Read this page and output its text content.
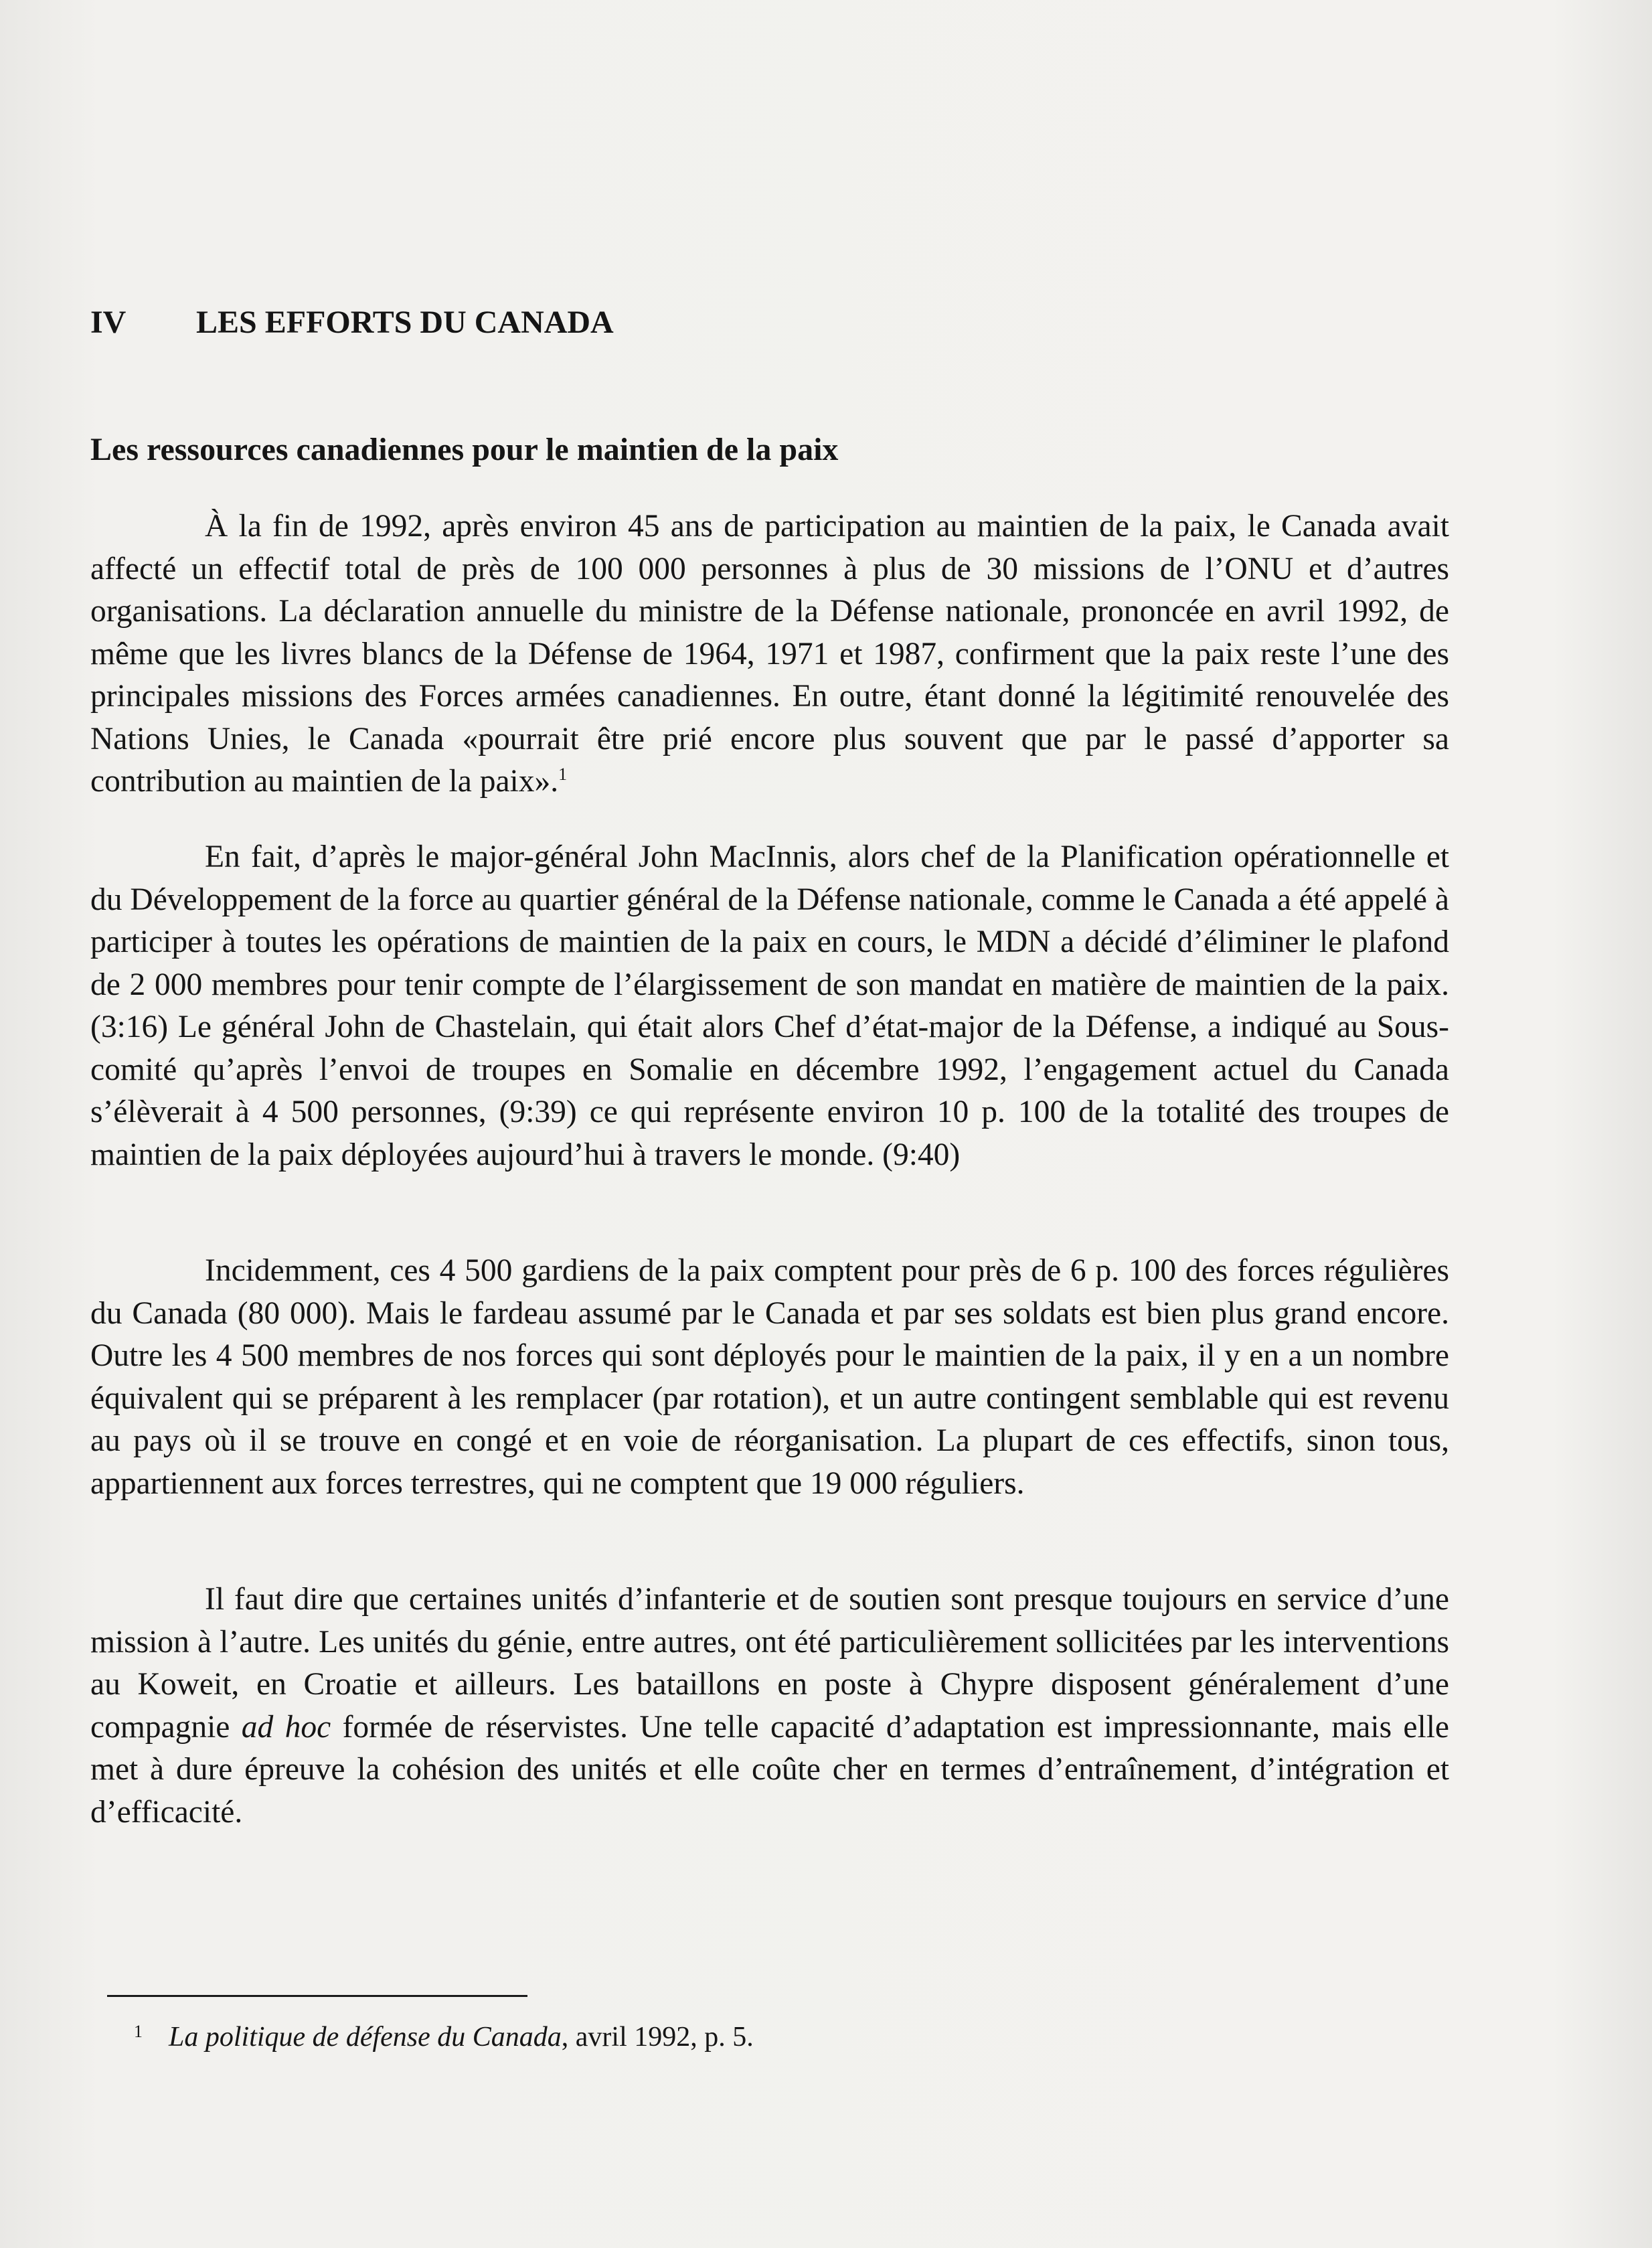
IV LES EFFORTS DU CANADA
Les ressources canadiennes pour le maintien de la paix

À la fin de 1992, après environ 45 ans de participation au maintien de la paix, le Canada avait affecté un effectif total de près de 100 000 personnes à plus de 30 missions de l’ONU et d’autres organisations. La déclaration annuelle du ministre de la Défense nationale, prononcée en avril 1992, de même que les livres blancs de la Défense de 1964, 1971 et 1987, confirment que la paix reste l’une des principales missions des Forces armées canadiennes. En outre, étant donné la légitimité renouvelée des Nations Unies, le Canada «pourrait être prié encore plus souvent que par le passé d’apporter sa contribution au maintien de la paix».$^1$

En fait, d’après le major-général John MacInnis, alors chef de la Planification opérationnelle et du Développement de la force au quartier général de la Défense nationale, comme le Canada a été appelé à participer à toutes les opérations de maintien de la paix en cours, le MDN a décidé d’éliminer le plafond de 2 000 membres pour tenir compte de l’élargissement de son mandat en matière de maintien de la paix. (3:16) Le général John de Chastelain, qui était alors Chef d’état-major de la Défense, a indiqué au Sous-comité qu’après l’envoi de troupes en Somalie en décembre 1992, l’engagement actuel du Canada s’élèverait à 4 500 personnes, (9:39) ce qui représente environ 10 p. 100 de la totalité des troupes de maintien de la paix déployées aujourd’hui à travers le monde. (9:40)

Incidemment, ces 4 500 gardiens de la paix comptent pour près de 6 p. 100 des forces régulières du Canada (80 000). Mais le fardeau assumé par le Canada et par ses soldats est bien plus grand encore. Outre les 4 500 membres de nos forces qui sont déployés pour le maintien de la paix, il y en a un nombre équivalent qui se préparent à les remplacer (par rotation), et un autre contingent semblable qui est revenu au pays où il se trouve en congé et en voie de réorganisation. La plupart de ces effectifs, sinon tous, appartiennent aux forces terrestres, qui ne comptent que 19 000 réguliers.

Il faut dire que certaines unités d’infanterie et de soutien sont presque toujours en service d’une mission à l’autre. Les unités du génie, entre autres, ont été particulièrement sollicitées par les interventions au Koweit, en Croatie et ailleurs. Les bataillons en poste à Chypre disposent généralement d’une compagnie ad hoc formée de réservistes. Une telle capacité d’adaptation est impressionnante, mais elle met à dure épreuve la cohésion des unités et elle coûte cher en termes d’entraînement, d’intégration et d’efficacité.

1 La politique de défense du Canada, avril 1992, p. 5.
